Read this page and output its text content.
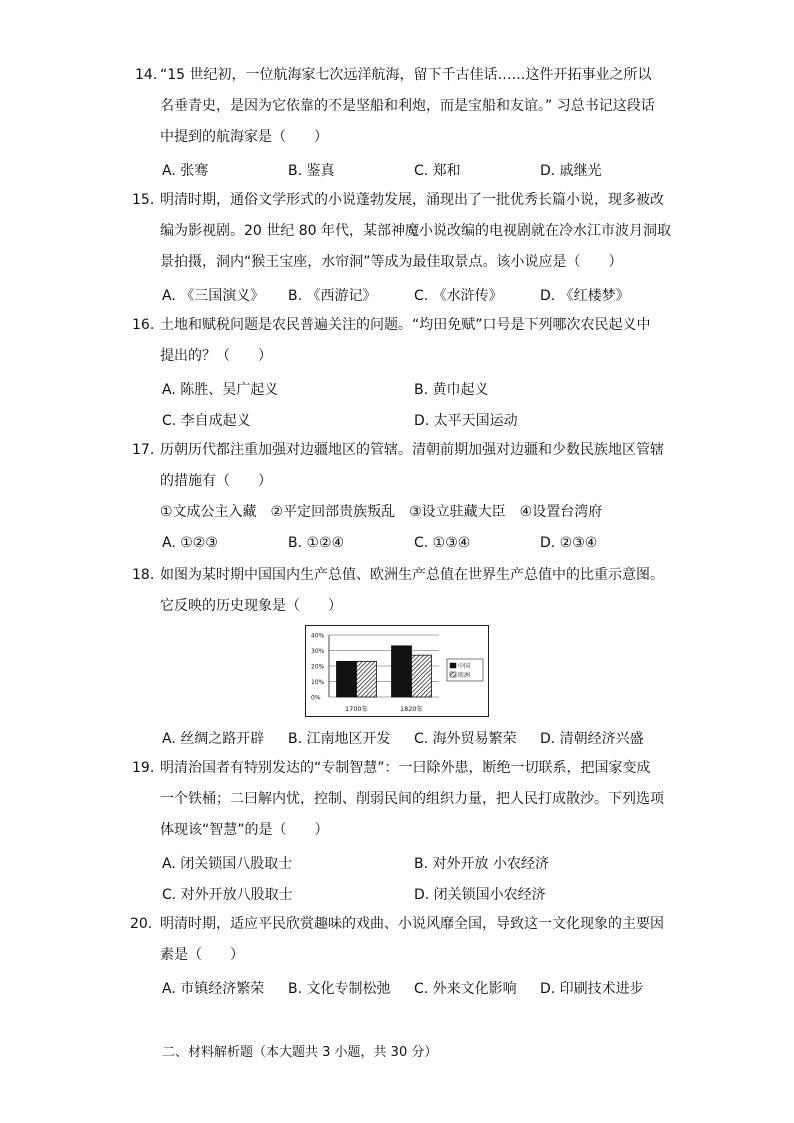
14. “15 世纪初，一位航海家七次远洋航海，留下千古佳话……这件开拓事业之所以
名垂青史，是因为它依靠的不是坚船和利炮，而是宝船和友谊。” 习总书记这段话
中提到的航海家是（　　）
A. 张骞	B. 鉴真	C. 郑和	D. 戚继光
15. 明清时期，通俗文学形式的小说蓬勃发展，涌现出了一批优秀长篇小说，现多被改
编为影视剧。20 世纪 80 年代，某部神魔小说改编的电视剧就在冷水江市波月洞取
景拍摄，洞内“猴王宝座，水帘洞”等成为最佳取景点。该小说应是（　　）
A. 《三国演义》 B. 《西游记》	C. 《水浒传》	D. 《红楼梦》
16. 土地和赋税问题是农民普遍关注的问题。“均田免赋”口号是下列哪次农民起义中
提出的？（　　）
A. 陈胜、吴广起义	B. 黄巾起义
C. 李自成起义	D. 太平天国运动
17. 历朝历代都注重加强对边疆地区的管辖。清朝前期加强对边疆和少数民族地区管辖
的措施有（　　）
①文成公主入藏　②平定回部贵族叛乱　③设立驻藏大臣　④设置台湾府
A. ①②③	B. ①②④	C. ①③④	D. ②③④
18. 如图为某时期中国国内生产总值、欧洲生产总值在世界生产总值中的比重示意图。
它反映的历史现象是（　　）
40%
30%
20%
10%
0%
1700年	1820年
中国
欧洲
A. 丝绸之路开辟 B. 江南地区开发 C. 海外贸易繁荣 D. 清朝经济兴盛
19. 明清治国者有特别发达的“专制智慧”：一曰除外患，断绝一切联系，把国家变成
一个铁桶；二曰解内忧，控制、削弱民间的组织力量，把人民打成散沙。下列选项
体现该“智慧”的是（　　）
A. 闭关锁国八股取士	B. 对外开放 小农经济
C. 对外开放八股取士	D. 闭关锁国小农经济
20. 明清时期，适应平民欣赏趣味的戏曲、小说风靡全国，导致这一文化现象的主要因
素是（　　）
A. 市镇经济繁荣 B. 文化专制松弛 C. 外来文化影响 D. 印刷技术进步
二、材料解析题（本大题共 3 小题，共 30 分）
